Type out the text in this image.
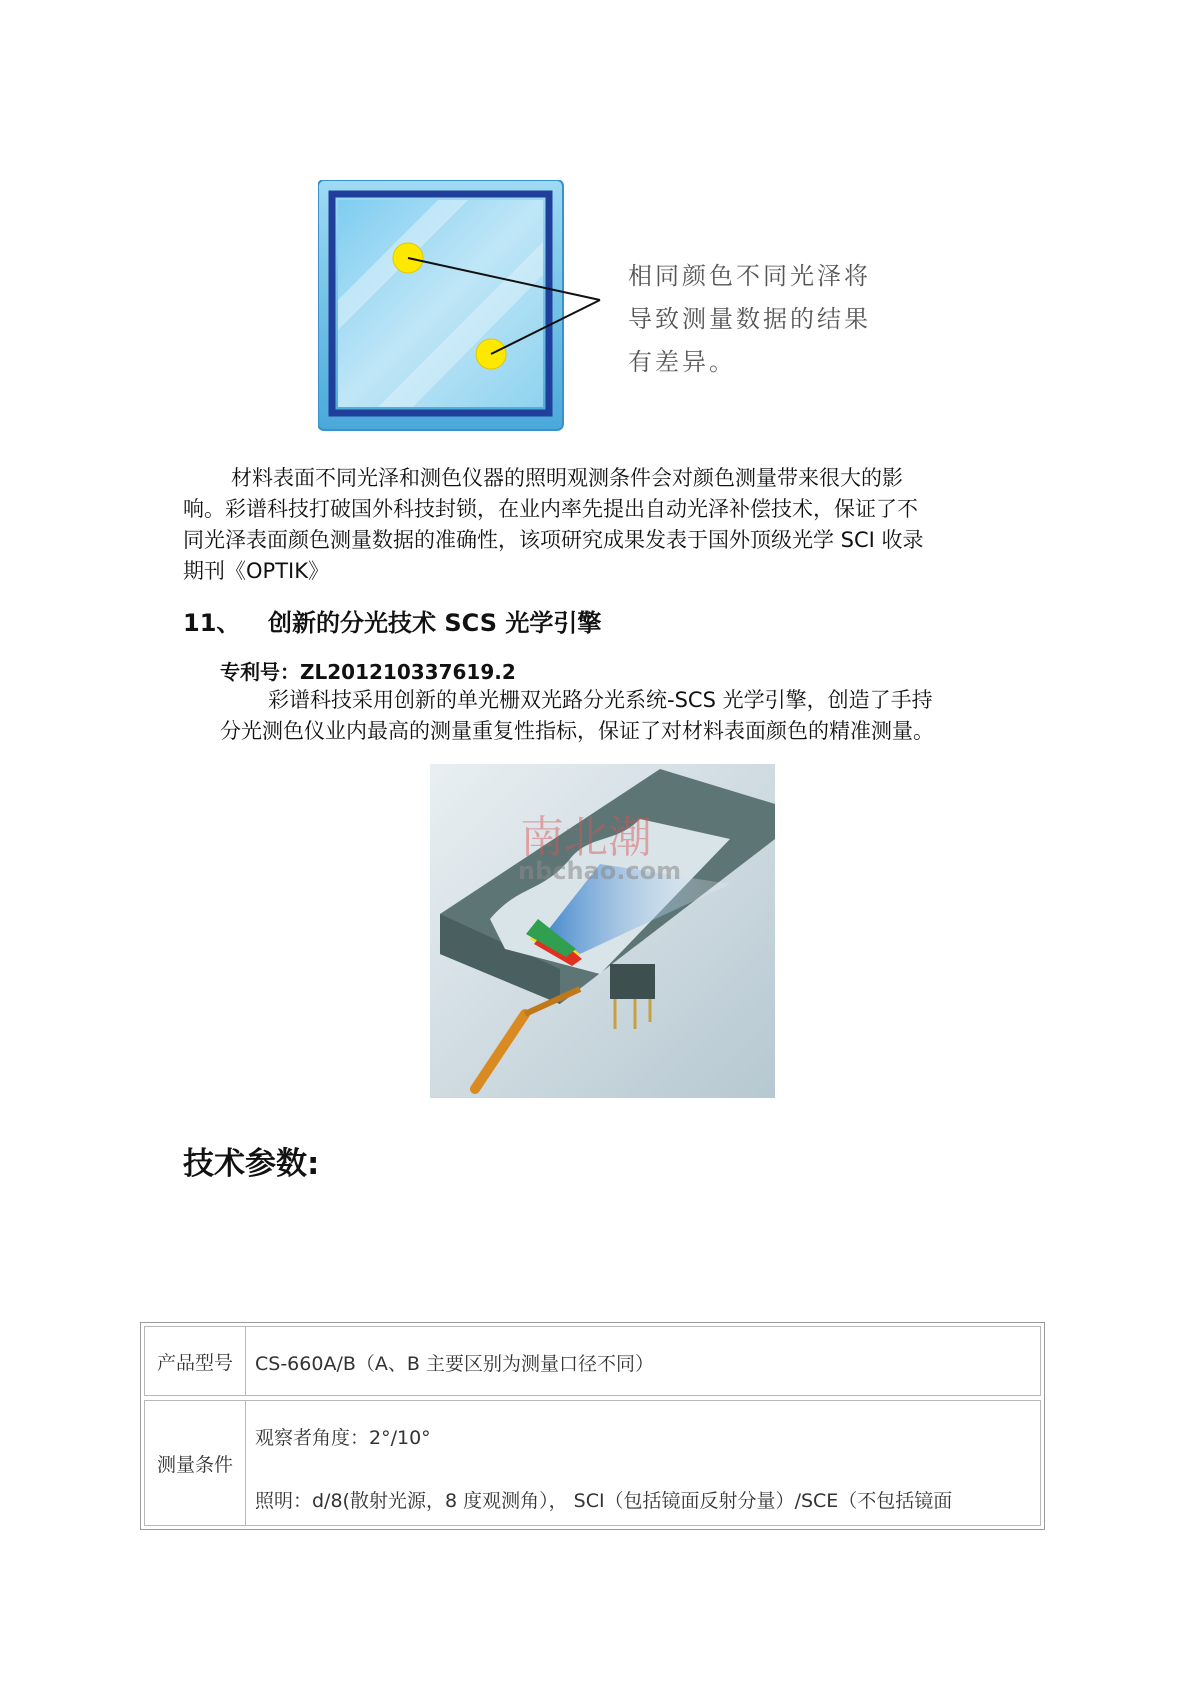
相同颜色不同光泽将
导致测量数据的结果
有差异。
材料表面不同光泽和测色仪器的照明观测条件会对颜色测量带来很大的影
响。彩谱科技打破国外科技封锁，在业内率先提出自动光泽补偿技术，保证了不
同光泽表面颜色测量数据的准确性，该项研究成果发表于国外顶级光学 SCI 收录
期刊《OPTIK》
11、 创新的分光技术 SCS 光学引擎
专利号：ZL201210337619.2
彩谱科技采用创新的单光栅双光路分光系统-SCS 光学引擎，创造了手持
分光测色仪业内最高的测量重复性指标，保证了对材料表面颜色的精准测量。
南北潮
nbchao.com
技术参数:
产品型号	CS-660A/B（A、B 主要区别为测量口径不同）
测量条件
观察者角度：2°/10°
照明：d/8(散射光源，8 度观测角）， SCI（包括镜面反射分量）/SCE（不包括镜面
